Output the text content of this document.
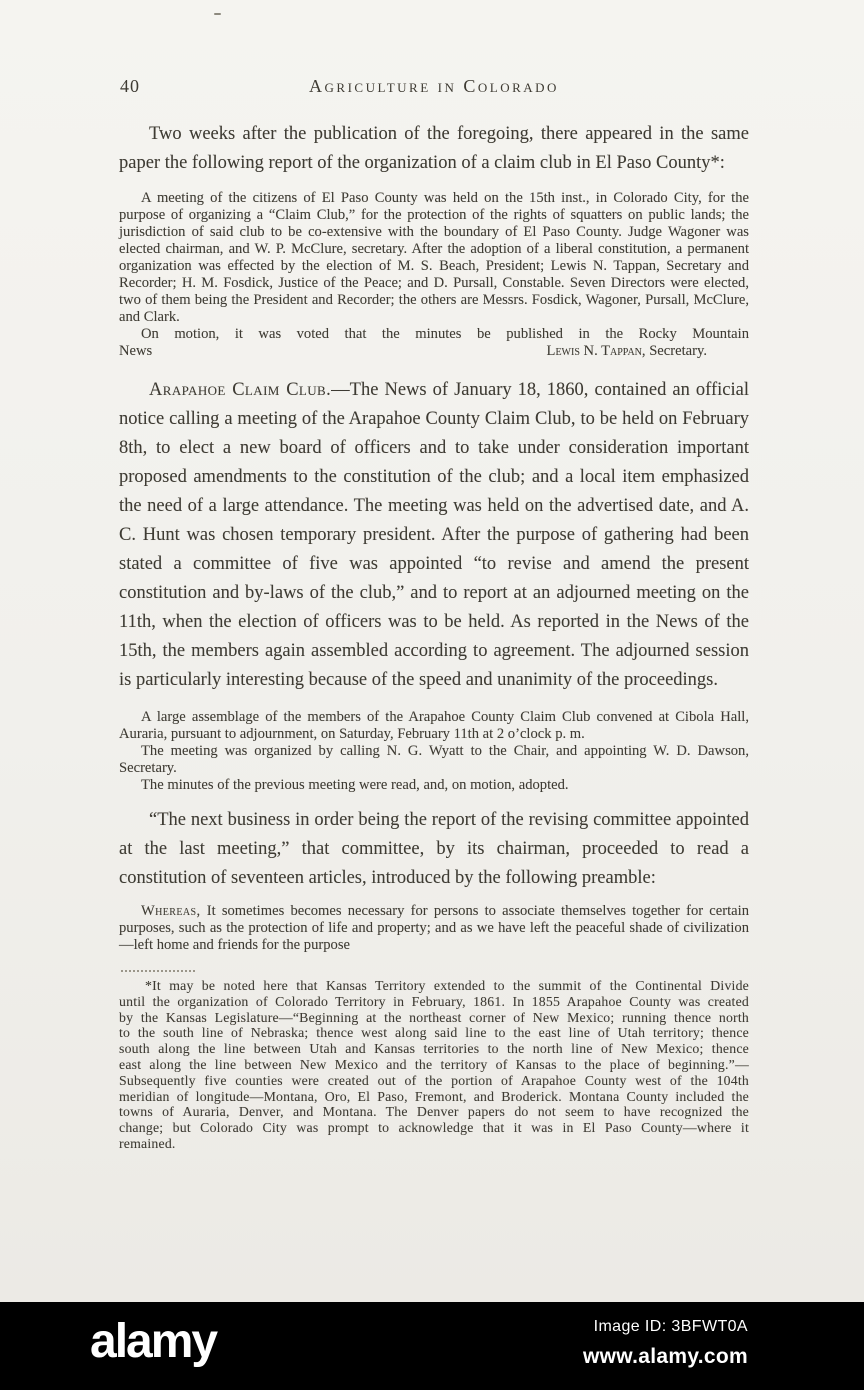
40	Agriculture in Colorado

Two weeks after the publication of the foregoing, there appeared in the same paper the following report of the organization of a claim club in El Paso County*:

A meeting of the citizens of El Paso County was held on the 15th inst., in Colorado City, for the purpose of organizing a “Claim Club,” for the protection of the rights of squatters on public lands; the jurisdiction of said club to be co-extensive with the boundary of El Paso County. Judge Wagoner was elected chairman, and W. P. McClure, secretary. After the adoption of a liberal constitution, a permanent organization was effected by the election of M. S. Beach, President; Lewis N. Tappan, Secretary and Recorder; H. M. Fosdick, Justice of the Peace; and D. Pursall, Constable. Seven Directors were elected, two of them being the President and Recorder; the others are Messrs. Fosdick, Wagoner, Pursall, McClure, and Clark.

On motion, it was voted that the minutes be published in the Rocky Mountain

News	Lewis N. Tappan, Secretary.

Arapahoe Claim Club.—The News of January 18, 1860, contained an official notice calling a meeting of the Arapahoe County Claim Club, to be held on February 8th, to elect a new board of officers and to take under consideration important proposed amendments to the constitution of the club; and a local item emphasized the need of a large attendance. The meeting was held on the advertised date, and A. C. Hunt was chosen temporary president. After the purpose of gathering had been stated a committee of five was appointed “to revise and amend the present constitution and by-laws of the club,” and to report at an adjourned meeting on the 11th, when the election of officers was to be held. As reported in the News of the 15th, the members again assembled according to agreement. The adjourned session is particularly interesting because of the speed and unanimity of the proceedings.

A large assemblage of the members of the Arapahoe County Claim Club convened at Cibola Hall, Auraria, pursuant to adjournment, on Saturday, February 11th at 2 o’clock p. m.

The meeting was organized by calling N. G. Wyatt to the Chair, and appointing W. D. Dawson, Secretary.

The minutes of the previous meeting were read, and, on motion, adopted.

“The next business in order being the report of the revising committee appointed at the last meeting,” that committee, by its chairman, proceeded to read a constitution of seventeen articles, introduced by the following preamble:

Whereas, It sometimes becomes necessary for persons to associate themselves together for certain purposes, such as the protection of life and property; and as we have left the peaceful shade of civilization—left home and friends for the purpose

*It may be noted here that Kansas Territory extended to the summit of the Continental Divide until the organization of Colorado Territory in February, 1861. In 1855 Arapahoe County was created by the Kansas Legislature—“Beginning at the northeast corner of New Mexico; running thence north to the south line of Nebraska; thence west along said line to the east line of Utah territory; thence south along the line between Utah and Kansas territories to the north line of New Mexico; thence east along the line between New Mexico and the territory of Kansas to the place of beginning.”—Subsequently five counties were created out of the portion of Arapahoe County west of the 104th meridian of longitude—Montana, Oro, El Paso, Fremont, and Broderick. Montana County included the towns of Auraria, Denver, and Montana. The Denver papers do not seem to have recognized the change; but Colorado City was prompt to acknowledge that it was in El Paso County—where it remained.

alamy	Image ID: 3BFWT0A
www.alamy.com
